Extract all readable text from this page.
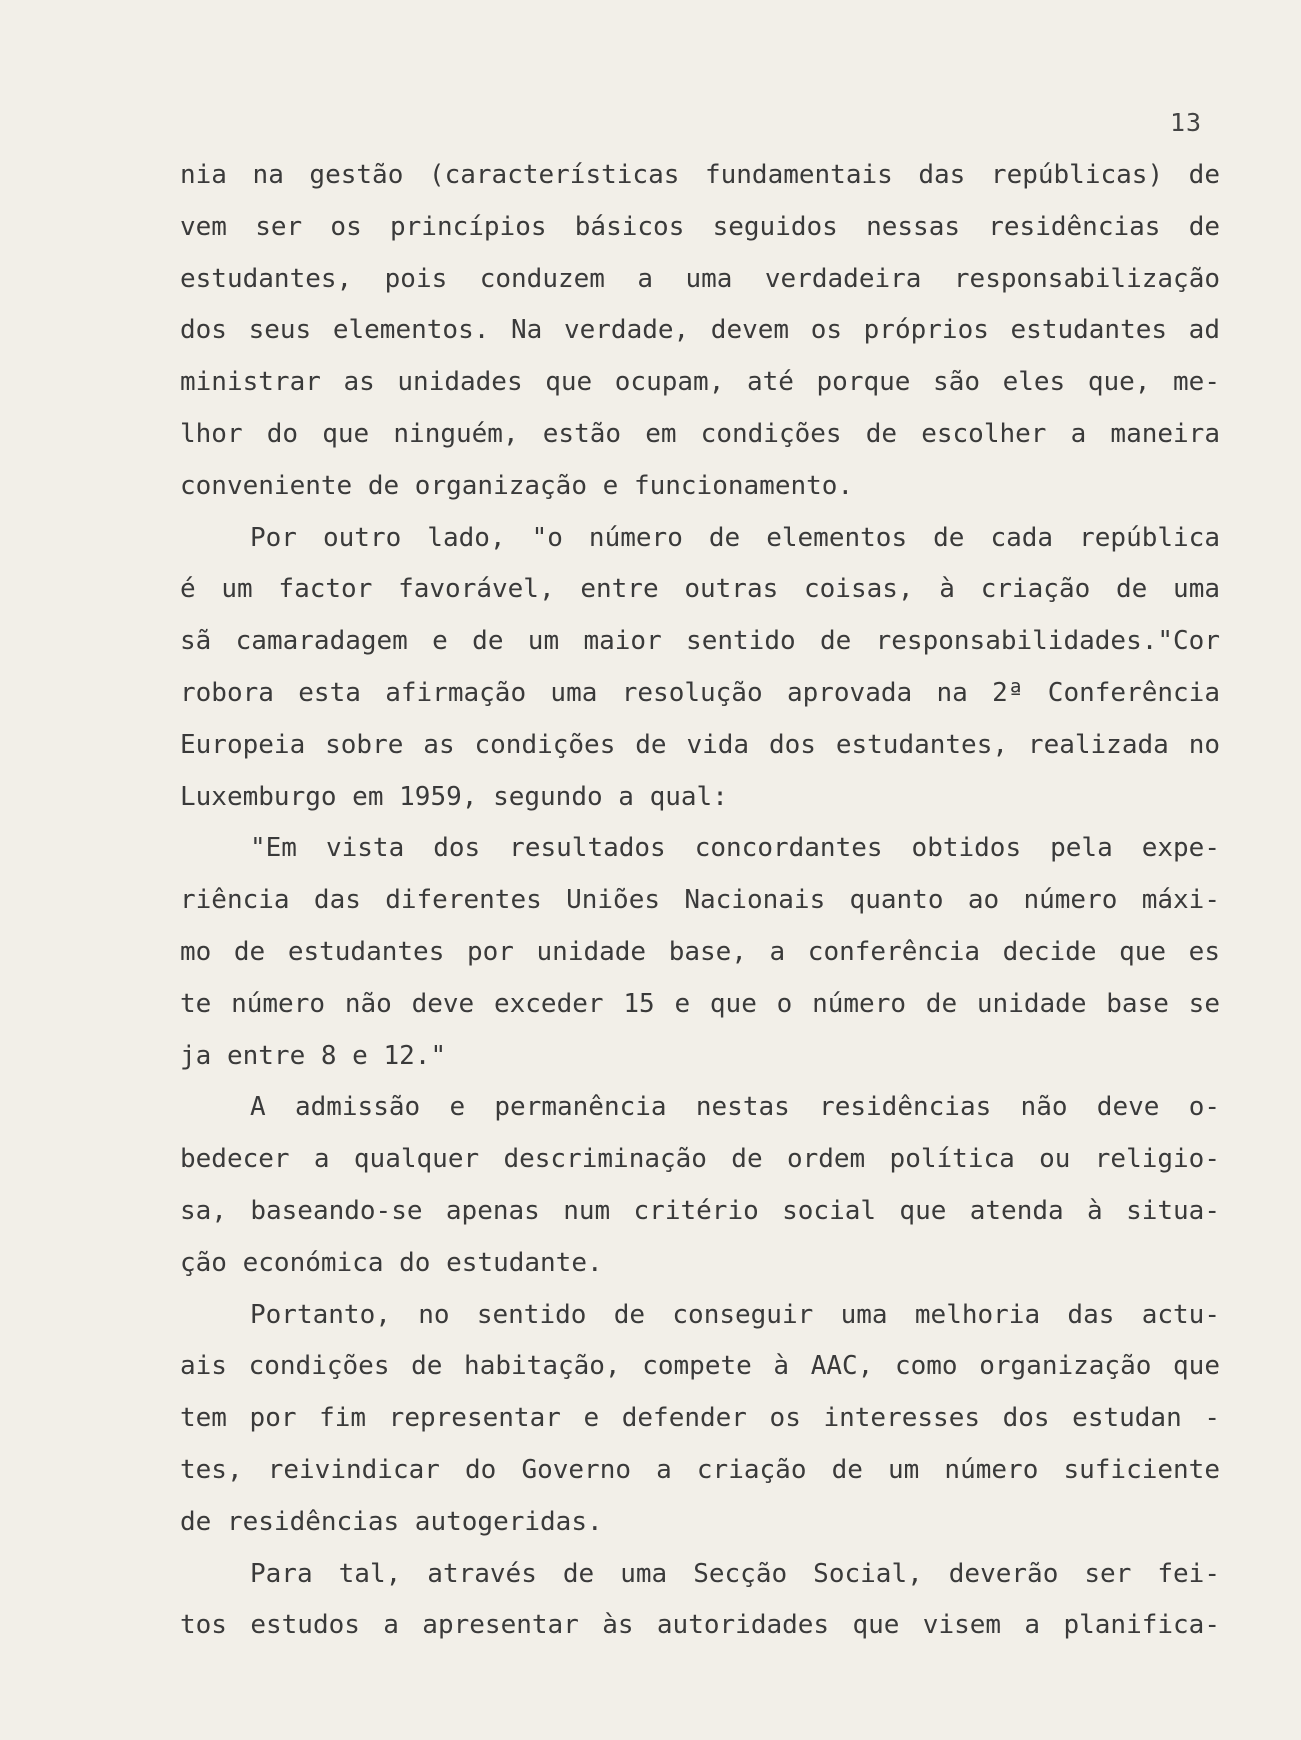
13
nia na gestão (características fundamentais das repúblicas) de
vem ser os princípios básicos seguidos nessas residências de
estudantes, pois conduzem a uma verdadeira responsabilização
dos seus elementos. Na verdade, devem os próprios estudantes ad
ministrar as unidades que ocupam, até porque são eles que, me-
lhor do que ninguém, estão em condições de escolher a maneira
conveniente de organização e funcionamento.
Por outro lado, "o número de elementos de cada república
é um factor favorável, entre outras coisas, à criação de uma
sã camaradagem e de um maior sentido de responsabilidades."Cor
robora esta afirmação uma resolução aprovada na 2ª Conferência
Europeia sobre as condições de vida dos estudantes, realizada no
Luxemburgo em 1959, segundo a qual:
"Em vista dos resultados concordantes obtidos pela expe-
riência das diferentes Uniões Nacionais quanto ao número máxi-
mo de estudantes por unidade base, a conferência decide que es
te número não deve exceder 15 e que o número de unidade base se
ja entre 8 e 12."
A admissão e permanência nestas residências não deve o-
bedecer a qualquer descriminação de ordem política ou religio-
sa, baseando-se apenas num critério social que atenda à situa-
ção económica do estudante.
Portanto, no sentido de conseguir uma melhoria das actu-
ais condições de habitação, compete à AAC, como organização que
tem por fim representar e defender os interesses dos estudan -
tes, reivindicar do Governo a criação de um número suficiente
de residências autogeridas.
Para tal, através de uma Secção Social, deverão ser fei-
tos estudos a apresentar às autoridades que visem a planifica-
